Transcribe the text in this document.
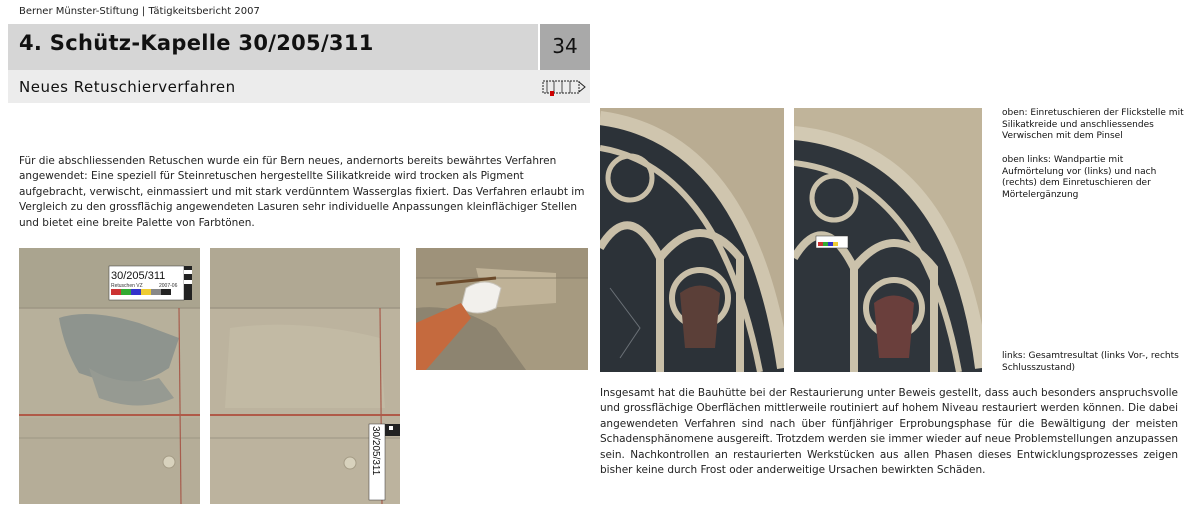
Berner Münster-Stiftung | Tätigkeitsbericht 2007
4. Schütz-Kapelle 30/205/311	34
Neues Retuschierverfahren
Für die abschliessenden Retuschen wurde ein für Bern neues, andernorts bereits bewährtes Verfahren angewendet: Eine speziell für Steinretuschen hergestellte Silikatkreide wird trocken als Pigment aufgebracht, verwischt, einmassiert und mit stark verdünntem Wasserglas fixiert. Das Verfahren erlaubt im Vergleich zu den grossflächig angewendeten Lasuren sehr individuelle Anpassungen kleinflächiger Stellen und bietet eine breite Palette von Farbtönen.
30/205/311
Retuschen VZ	2007-06
30/205/311
oben: Einretuschieren der Flickstelle mit Silikatkreide und anschliessendes Verwischen mit dem Pinsel
oben links: Wandpartie mit Aufmörtelung vor (links) und nach (rechts) dem Einretuschieren der Mörtelergänzung
links: Gesamtresultat (links Vor-, rechts Schlusszustand)
Insgesamt hat die Bauhütte bei der Restaurierung unter Beweis gestellt, dass auch besonders anspruchsvolle und grossflächige Oberflächen mittlerweile routiniert auf hohem Niveau restauriert werden können. Die dabei angewendeten Verfahren sind nach über fünfjähriger Erprobungsphase für die Bewältigung der meisten Schadensphänomene ausgereift. Trotzdem werden sie immer wieder auf neue Problemstellungen anzupassen sein. Nachkontrollen an restaurierten Werkstücken aus allen Phasen dieses Entwicklungsprozesses zeigen bisher keine durch Frost oder anderweitige Ursachen bewirkten Schäden.
